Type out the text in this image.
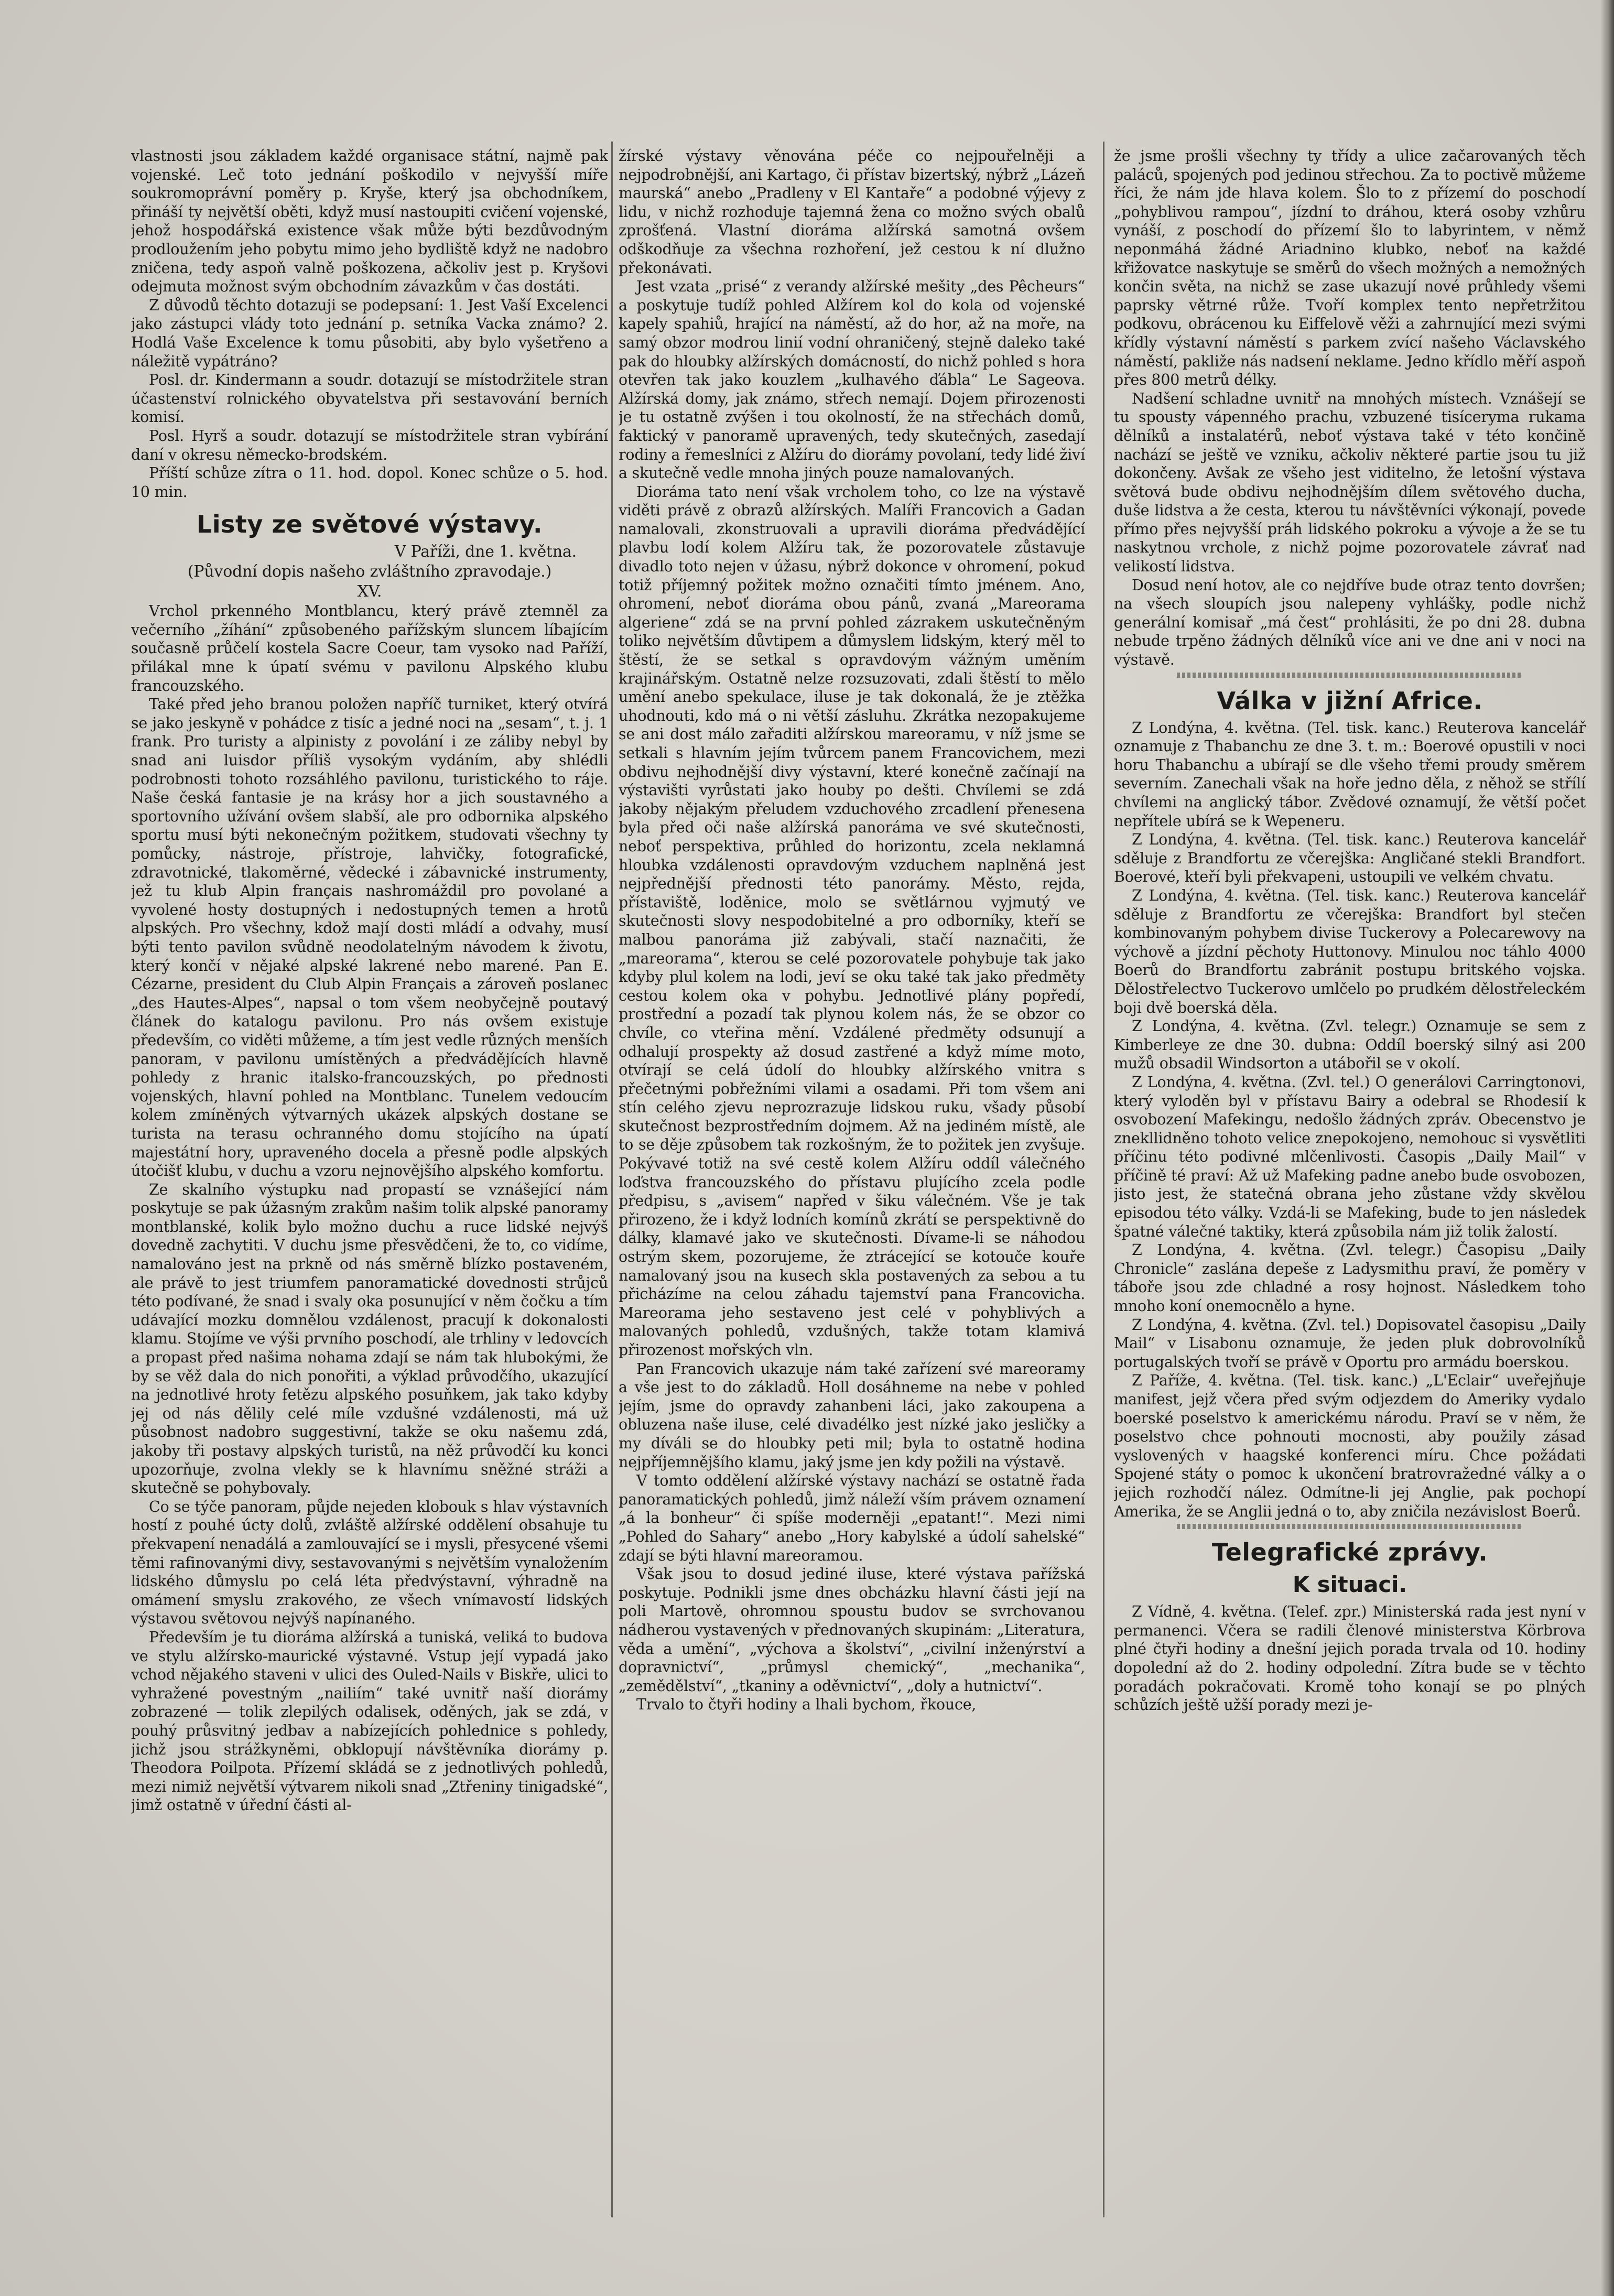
vlastnosti jsou základem každé organisace státní, najmě pak vojenské. Leč toto jednání poškodilo v nejvyšší míře soukromoprávní poměry p. Kryše, který jsa obchodníkem, přináší ty největší oběti, když musí nastoupiti cvičení vojenské, jehož hospodářská existence však může býti bezdůvodným prodloužením jeho pobytu mimo jeho bydliště když ne nadobro zničena, tedy aspoň valně poškozena, ačkoliv jest p. Kryšovi odejmuta možnost svým obchodním závazkům v čas dostáti.

Z důvodů těchto dotazuji se podepsaní: 1. Jest Vaší Excelenci jako zástupci vlády toto jednání p. setníka Vacka známo? 2. Hodlá Vaše Excelence k tomu působiti, aby bylo vyšetřeno a náležitě vypátráno?

Posl. dr. Kindermann a soudr. dotazují se místodržitele stran účastenství rolnického obyvatelstva při sestavování berních komisí.

Posl. Hyrš a soudr. dotazují se místodržitele stran vybírání daní v okresu německo-brodském.

Příští schůze zítra o 11. hod. dopol. Konec schůze o 5. hod. 10 min.

Listy ze světové výstavy.
V Paříži, dne 1. května.

(Původní dopis našeho zvláštního zpravodaje.)

XV.

Vrchol prkenného Montblancu, který právě ztemněl za večerního „žíhání“ způsobeného pařížským sluncem líbajícím současně průčelí kostela Sacre Coeur, tam vysoko nad Paříží, přilákal mne k úpatí svému v pavilonu Alpského klubu francouzského.

Také před jeho branou položen napříč turniket, který otvírá se jako jeskyně v pohádce z tisíc a jedné noci na „sesam“, t. j. 1 frank. Pro turisty a alpinisty z povolání i ze záliby nebyl by snad ani luisdor příliš vysokým vydáním, aby shlédli podrobnosti tohoto rozsáhlého pavilonu, turistického to ráje. Naše česká fantasie je na krásy hor a jich soustavného a sportovního užívání ovšem slabší, ale pro odbornika alpského sportu musí býti nekonečným požitkem, studovati všechny ty pomůcky, nástroje, přístroje, lahvičky, fotografické, zdravotnické, tlakoměrné, vědecké i zábavnické instrumenty, jež tu klub Alpin français nashromáždil pro povolané a vyvolené hosty dostupných i nedostupných temen a hrotů alpských. Pro všechny, kdož mají dosti mládí a odvahy, musí býti tento pavilon svůdně neodolatelným návodem k životu, který končí v nějaké alpské lakrené nebo marené. Pan E. Cézarne, president du Club Alpin Français a zároveň poslanec „des Hautes-Alpes“, napsal o tom všem neobyčejně poutavý článek do katalogu pavilonu. Pro nás ovšem existuje především, co viděti můžeme, a tím jest vedle různých menších panoram, v pavilonu umístěných a předvádějících hlavně pohledy z hranic italsko-francouzských, po přednosti vojenských, hlavní pohled na Montblanc. Tunelem vedoucím kolem zmíněných výtvarných ukázek alpských dostane se turista na terasu ochranného domu stojícího na úpatí majestátní hory, upraveného docela a přesně podle alpských útočišť klubu, v duchu a vzoru nejnovějšího alpského komfortu.

Ze skalního výstupku nad propastí se vznášející nám poskytuje se pak úžasným zrakům našim tolik alpské panoramy montblanské, kolik bylo možno duchu a ruce lidské nejvýš dovedně zachytiti. V duchu jsme přesvědčeni, že to, co vidíme, namalováno jest na prkně od nás směrně blízko postaveném, ale právě to jest triumfem panoramatické dovednosti strůjců této podívané, že snad i svaly oka posunující v něm čočku a tím udávající mozku domnělou vzdálenost, pracují k dokonalosti klamu. Stojíme ve výši prvního poschodí, ale trhliny v ledovcích a propast před našima nohama zdají se nám tak hlubokými, že by se věž dala do nich ponořiti, a výklad průvodčího, ukazující na jednotlivé hroty fetězu alpského posuňkem, jak tako kdyby jej od nás dělily celé míle vzdušné vzdálenosti, má už působnost nadobro suggestivní, takže se oku našemu zdá, jakoby tři postavy alpských turistů, na něž průvodčí ku konci upozorňuje, zvolna vlekly se k hlavnímu sněžné stráži a skutečně se pohybovaly.

Co se týče panoram, půjde nejeden klobouk s hlav výstavních hostí z pouhé úcty dolů, zvláště alžírské oddělení obsahuje tu překvapení nenadálá a zamlouvající se i mysli, přesycené všemi těmi rafinovanými divy, sestavovanými s největším vynaložením lidského důmyslu po celá léta předvýstavní, výhradně na omámení smyslu zrakového, ze všech vnímavostí lidských výstavou světovou nejvýš napínaného.

Především je tu dioráma alžírská a tuniská, veliká to budova ve stylu alžírsko-maurické výstavné. Vstup její vypadá jako vchod nějakého staveni v ulici des Ouled-Nails v Biskře, ulici to vyhražené povestným „nailiím“ také uvnitř naší diorámy zobrazené — tolik zlepilých odalisek, oděných, jak se zdá, v pouhý průsvitný jedbav a nabízejících pohlednice s pohledy, jichž jsou strážkyněmi, obklopují návštěvníka diorámy p. Theodora Poilpota. Přízemí skládá se z jednotlivých pohledů, mezi nimiž největší výtvarem nikoli snad „Ztřeniny tinigadské“, jimž ostatně v úřední části al-

žírské výstavy věnována péče co nejpouřelněji a nejpodrobnější, ani Kartago, či přístav bizertský, nýbrž „Lázeň maurská“ anebo „Pradleny v El Kantaře“ a podobné výjevy z lidu, v nichž rozhoduje tajemná žena co možno svých obalů zprošťená. Vlastní dioráma alžírská samotná ovšem odškodňuje za všechna rozhoření, jež cestou k ní dlužno překonávati.

Jest vzata „prisé“ z verandy alžírské mešity „des Pêcheurs“ a poskytuje tudíž pohled Alžírem kol do kola od vojenské kapely spahiů, hrající na náměstí, až do hor, až na moře, na samý obzor modrou linií vodní ohraničený, stejně daleko také pak do hloubky alžírských domácností, do nichž pohled s hora otevřen tak jako kouzlem „kulhavého ďábla“ Le Sageova. Alžírská domy, jak známo, střech nemají. Dojem přirozenosti je tu ostatně zvýšen i tou okolností, že na střechách domů, faktický v panoramě upravených, tedy skutečných, zasedají rodiny a řemeslníci z Alžíru do diorámy povolaní, tedy lidé živí a skutečně vedle mnoha jiných pouze namalovaných.

Dioráma tato není však vrcholem toho, co lze na výstavě viděti právě z obrazů alžírských. Malíři Francovich a Gadan namalovali, zkonstruovali a upravili dioráma předvádějící plavbu lodí kolem Alžíru tak, že pozorovatele zůstavuje divadlo toto nejen v úžasu, nýbrž dokonce v ohromení, pokud totiž příjemný požitek možno označiti tímto jménem. Ano, ohromení, neboť dioráma obou pánů, zvaná „Mareorama algeriene“ zdá se na první pohled zázrakem uskutečněným toliko největším důvtipem a důmyslem lidským, který měl to štěstí, že se setkal s opravdovým vážným uměním krajinářským. Ostatně nelze rozsuzovati, zdali štěstí to mělo umění anebo spekulace, iluse je tak dokonalá, že je ztěžka uhodnouti, kdo má o ni větší zásluhu. Zkrátka nezopakujeme se ani dost málo zařaditi alžírskou mareoramu, v níž jsme se setkali s hlavním jejím tvůrcem panem Francovichem, mezi obdivu nejhodnější divy výstavní, které konečně začínají na výstavišti vyrůstati jako houby po dešti. Chvílemi se zdá jakoby nějakým přeludem vzduchového zrcadlení přenesena byla před oči naše alžírská panoráma ve své skutečnosti, neboť perspektiva, průhled do horizontu, zcela neklamná hloubka vzdálenosti opravdovým vzduchem naplněná jest nejpřednější přednosti této panorámy. Město, rejda, přístaviště, loděnice, molo se světlárnou vyjmutý ve skutečnosti slovy nespodobitelné a pro odborníky, kteří se malbou panoráma již zabývali, stačí naznačiti, že „mareorama“, kterou se celé pozorovatele pohybuje tak jako kdyby plul kolem na lodi, jeví se oku také tak jako předměty cestou kolem oka v pohybu. Jednotlivé plány popředí, prostřední a pozadí tak plynou kolem nás, že se obzor co chvíle, co vteřina mění. Vzdálené předměty odsunují a odhalují prospekty až dosud zastřené a když míme moto, otvírají se celá údolí do hloubky alžírského vnitra s přečetnými pobřežními vilami a osadami. Při tom všem ani stín celého zjevu neprozrazuje lidskou ruku, všady působí skutečnost bezprostředním dojmem. Až na jediném místě, ale to se děje způsobem tak rozkošným, že to požitek jen zvyšuje. Pokývavé totiž na své cestě kolem Alžíru oddíl válečného loďstva francouzského do přístavu plujícího zcela podle předpisu, s „avisem“ napřed v šiku válečném. Vše je tak přirozeno, že i když lodních komínů zkrátí se perspektivně do dálky, klamavé jako ve skutečnosti. Dívame-li se náhodou ostrým skem, pozorujeme, že ztrácející se kotouče kouře namalovaný jsou na kusech skla postavených za sebou a tu přicházíme na celou záhadu tajemství pana Francovicha. Mareorama jeho sestaveno jest celé v pohyblivých a malovaných pohledů, vzdušných, takže totam klamivá přirozenost mořských vln.

Pan Francovich ukazuje nám také zařízení své mareoramy a vše jest to do základů. Holl dosáhneme na nebe v pohled jejím, jsme do opravdy zahanbeni láci, jako zakoupena a obluzena naše iluse, celé divadélko jest nízké jako jesličky a my díváli se do hloubky peti mil; byla to ostatně hodina nejpříjemnějšího klamu, jaký jsme jen kdy požili na výstavě.

V tomto oddělení alžírské výstavy nachází se ostatně řada panoramatických pohledů, jimž náleží vším právem oznamení „á la bonheur“ či spíše moderněji „epatant!“. Mezi nimi „Pohled do Sahary“ anebo „Hory kabylské a údolí sahelské“ zdají se býti hlavní mareoramou.

Však jsou to dosud jediné iluse, které výstava pařížská poskytuje. Podnikli jsme dnes obcházku hlavní části její na poli Martově, ohromnou spoustu budov se svrchovanou nádherou vystavených v přednovaných skupinám: „Literatura, věda a umění“, „výchova a školství“, „civilní inženýrství a dopravnictví“, „průmysl chemický“, „mechanika“, „zemědělství“, „tkaniny a oděvnictví“, „doly a hutnictví“.

Trvalo to čtyři hodiny a lhali bychom, řkouce,

že jsme prošli všechny ty třídy a ulice začarovaných těch paláců, spojených pod jedinou střechou. Za to poctivě můžeme říci, že nám jde hlava kolem. Šlo to z přízemí do poschodí „pohyblivou rampou“, jízdní to dráhou, která osoby vzhůru vynáší, z poschodí do přízemí šlo to labyrintem, v němž neponmáhá žádné Ariadnino klubko, neboť na každé křižovatce naskytuje se směrů do všech možných a nemožných končin světa, na nichž se zase ukazují nové průhledy všemi paprsky větrné růže. Tvoří komplex tento nepřetržitou podkovu, obrácenou ku Eiffelově věži a zahrnující mezi svými křídly výstavní náměstí s parkem zvící našeho Václavského náměstí, pakliže nás nadsení neklame. Jedno křídlo měří aspoň přes 800 metrů délky.

Nadšení schladne uvnitř na mnohých místech. Vznášejí se tu spousty vápenného prachu, vzbuzené tisíceryma rukama dělníků a instalatérů, neboť výstava také v této končině nachází se ještě ve vzniku, ačkoliv některé partie jsou tu již dokončeny. Avšak ze všeho jest viditelno, že letošní výstava světová bude obdivu nejhodnějším dílem světového ducha, duše lidstva a že cesta, kterou tu návštěvníci výkonají, povede přímo přes nejvyšší práh lidského pokroku a vývoje a že se tu naskytnou vrchole, z nichž pojme pozorovatele závrať nad velikostí lidstva.

Dosud není hotov, ale co nejdříve bude otraz tento dovršen; na všech sloupích jsou nalepeny vyhlášky, podle nichž generální komisař „má čest“ prohlásiti, že po dni 28. dubna nebude trpěno žádných dělníků více ani ve dne ani v noci na výstavě.

Válka v jižní Africe.

Z Londýna, 4. května. (Tel. tisk. kanc.) Reuterova kancelář oznamuje z Thabanchu ze dne 3. t. m.: Boerové opustili v noci horu Thabanchu a ubírají se dle všeho třemi proudy směrem severním. Zanechali však na hoře jedno děla, z něhož se střílí chvílemi na anglický tábor. Zvědové oznamují, že větší počet nepřítele ubírá se k Wepeneru.

Z Londýna, 4. května. (Tel. tisk. kanc.) Reuterova kancelář sděluje z Brandfortu ze včerejška: Angličané stekli Brandfort. Boerové, kteří byli překvapeni, ustoupili ve velkém chvatu.

Z Londýna, 4. května. (Tel. tisk. kanc.) Reuterova kancelář sděluje z Brandfortu ze včerejška: Brandfort byl stečen kombinovaným pohybem divise Tuckerovy a Polecarewovy na výchově a jízdní pěchoty Huttonovy. Minulou noc táhlo 4000 Boerů do Brandfortu zabránit postupu britského vojska. Dělostřelectvo Tuckerovo umlčelo po prudkém dělostřeleckém boji dvě boerská děla.

Z Londýna, 4. května. (Zvl. telegr.) Oznamuje se sem z Kimberleye ze dne 30. dubna: Oddíl boerský silný asi 200 mužů obsadil Windsorton a utábořil se v okolí.

Z Londýna, 4. května. (Zvl. tel.) O generálovi Carringtonovi, který vyloděn byl v přístavu Bairy a odebral se Rhodesií k osvobození Mafekingu, nedošlo žádných zpráv. Obecenstvo je znekllidněno tohoto velice znepokojeno, nemohouc si vysvětliti příčinu této podivné mlčenlivosti. Časopis „Daily Mail“ v příčině té praví: Až už Mafeking padne anebo bude osvobozen, jisto jest, že statečná obrana jeho zůstane vždy skvělou episodou této války. Vzdá-li se Mafeking, bude to jen následek špatné válečné taktiky, která způsobila nám již tolik žalostí.

Z Londýna, 4. května. (Zvl. telegr.) Časopisu „Daily Chronicle“ zaslána depeše z Ladysmithu praví, že poměry v táboře jsou zde chladné a rosy hojnost. Následkem toho mnoho koní onemocnělo a hyne.

Z Londýna, 4. května. (Zvl. tel.) Dopisovatel časopisu „Daily Mail“ v Lisabonu oznamuje, že jeden pluk dobrovolníků portugalských tvoří se právě v Oportu pro armádu boerskou.

Z Paříže, 4. května. (Tel. tisk. kanc.) „L'Eclair“ uveřejňuje manifest, jejž včera před svým odjezdem do Ameriky vydalo boerské poselstvo k americkému národu. Praví se v něm, že poselstvo chce pohnouti mocnosti, aby použily zásad vyslovených v haagské konferenci míru. Chce požádati Spojené státy o pomoc k ukončení bratrovražedné války a o jejich rozhodčí nález. Odmítne-li jej Anglie, pak pochopí Amerika, že se Anglii jedná o to, aby zničila nezávislost Boerů.

Telegrafické zprávy.
K situaci.

Z Vídně, 4. května. (Telef. zpr.) Ministerská rada jest nyní v permanenci. Včera se radili členové ministerstva Körbrova plné čtyři hodiny a dnešní jejich porada trvala od 10. hodiny dopolední až do 2. hodiny odpolední. Zítra bude se v těchto poradách pokračovati. Kromě toho konají se po plných schůzích ještě užší porady mezi je-
